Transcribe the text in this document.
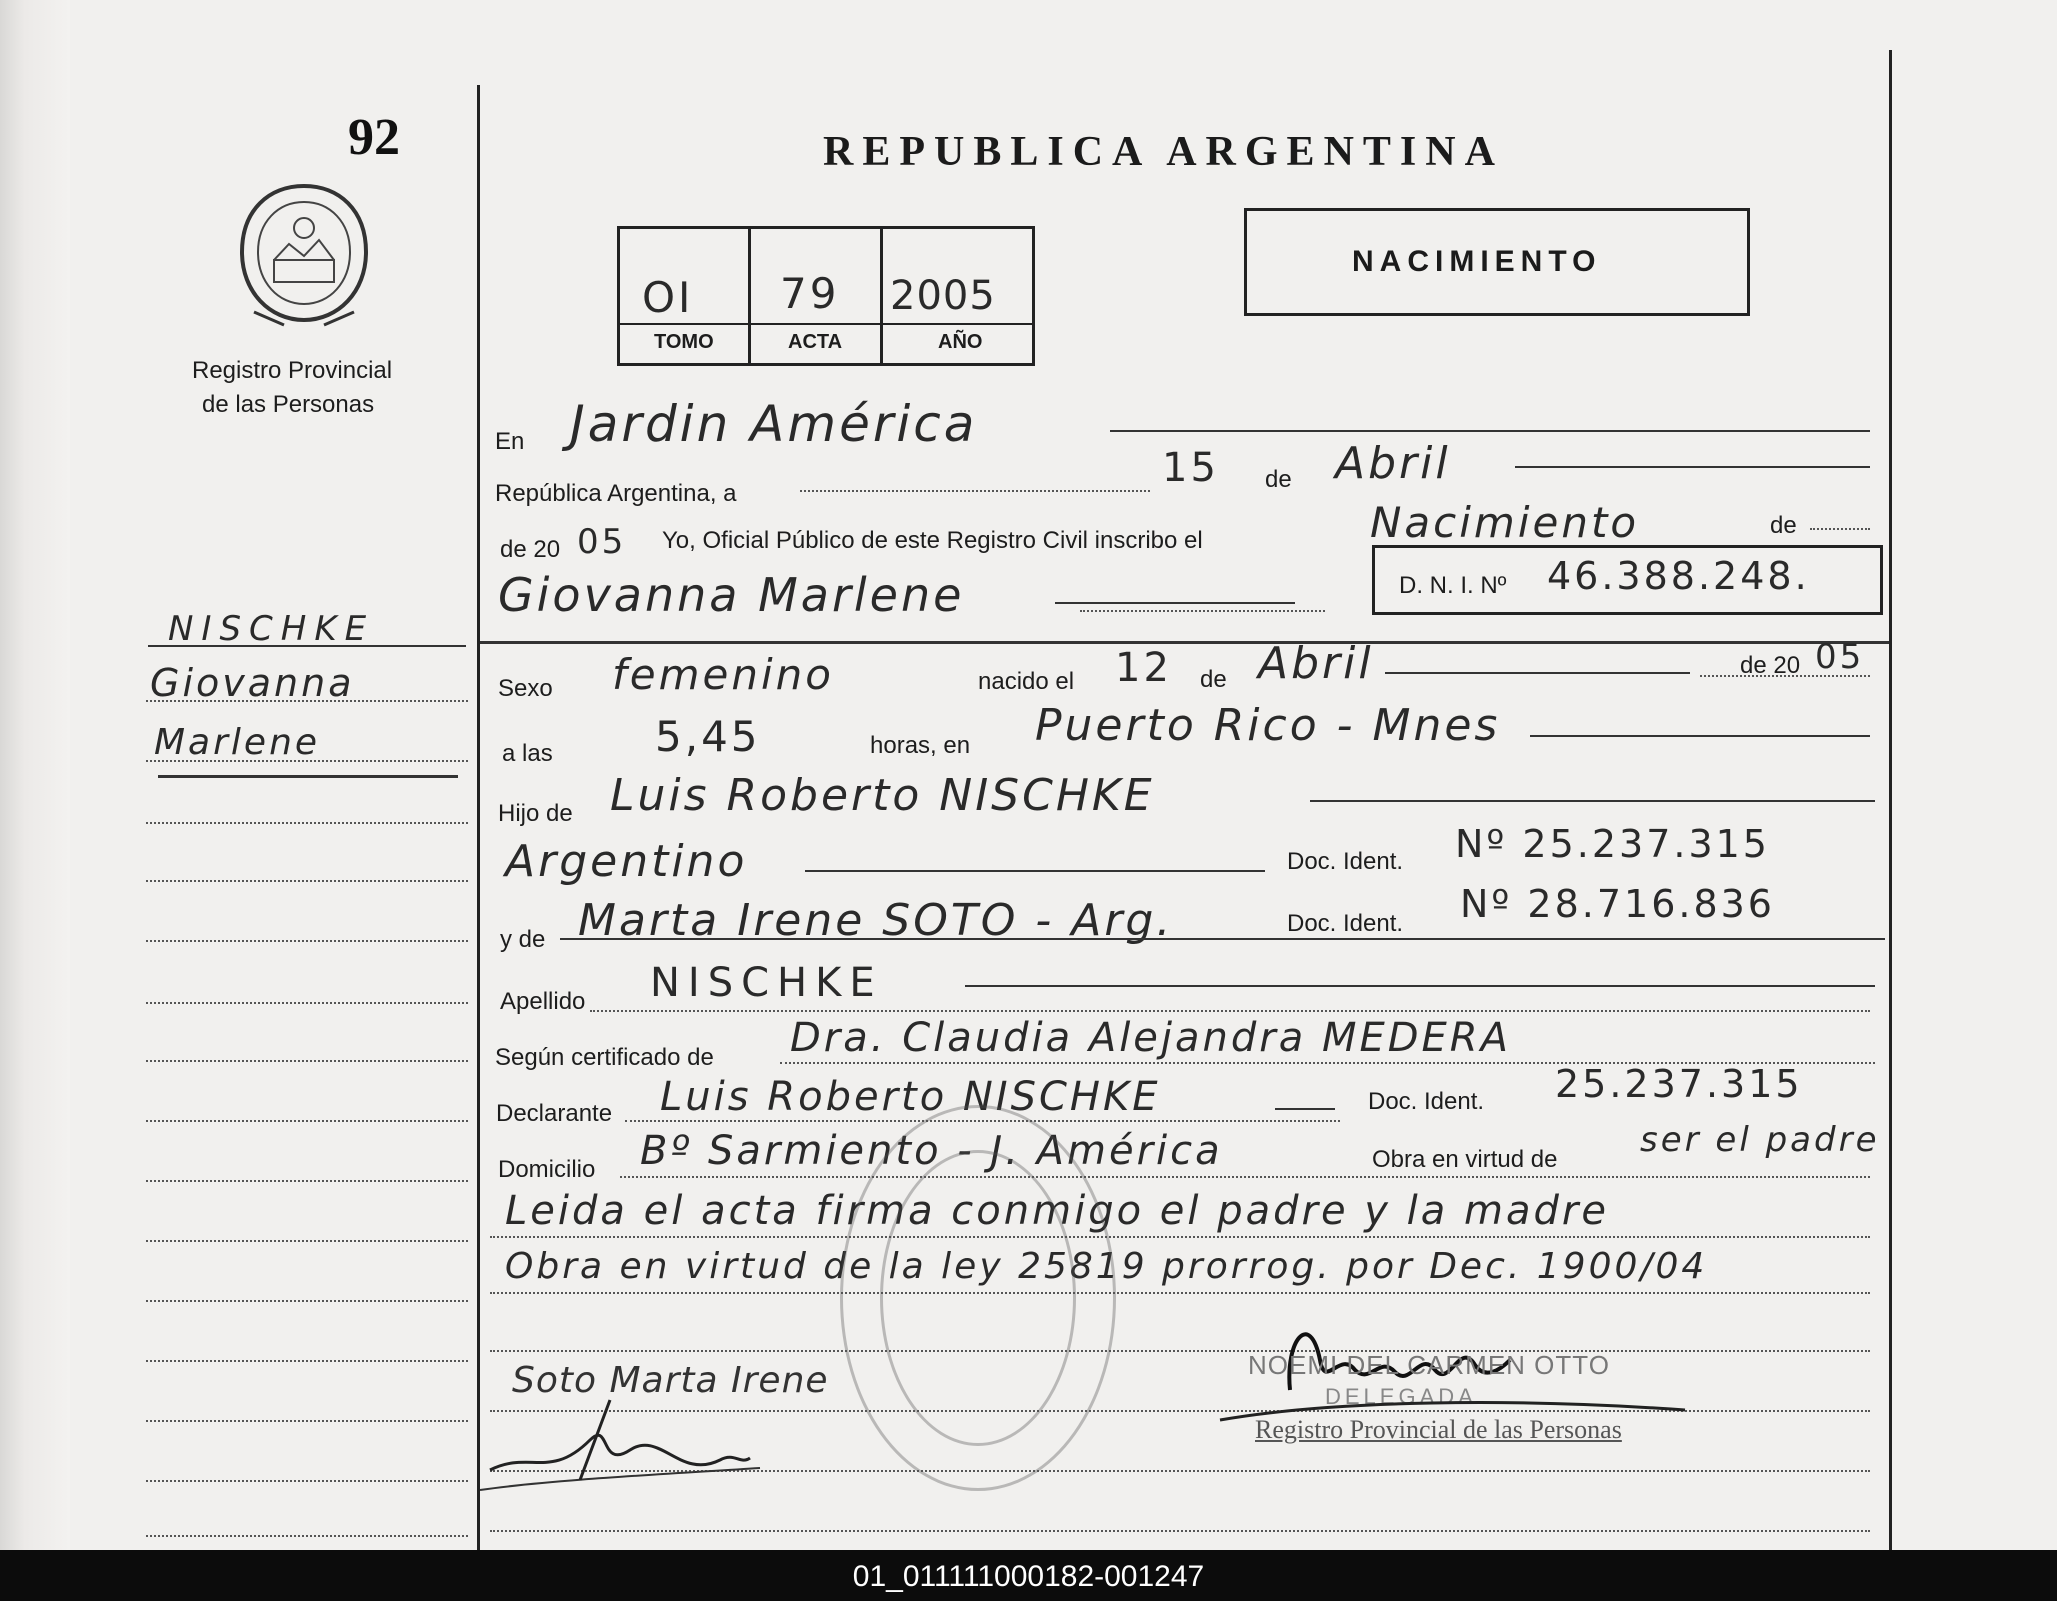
92
Registro Provincial
de las Personas
NISCHKE
Giovanna
Marlene
REPUBLICA ARGENTINA
OI 79 2005
TOMO	ACTA	AÑO
NACIMIENTO
En Jardin América
República Argentina, a
15 de Abril
de 20 05 Yo, Oficial Público de este Registro Civil inscribo el	Nacimiento	de
Giovanna Marlene	D. N. I. Nº 46.388.248.
Sexo femenino	nacido el 12 de Abril	de 20 05
a las 5,45	horas, en Puerto Rico - Mnes
Hijo de Luis Roberto NISCHKE
Argentino	Doc. Ident. Nº 25.237.315
y de Marta Irene SOTO - Arg.	Doc. Ident. Nº 28.716.836
Apellido NISCHKE
Según certificado de Dra. Claudia Alejandra MEDERA
Declarante Luis Roberto NISCHKE	Doc. Ident. 25.237.315
Domicilio Bº Sarmiento - J. América	Obra en virtud de ser el padre
Leida el acta firma conmigo el padre y la madre
Obra en virtud de la ley 25819 prorrog. por Dec. 1900/04
Soto Marta Irene	NOEMI DEL CARMEN OTTO
DELEGADA
Registro Provincial de las Personas
01_011111000182-001247
